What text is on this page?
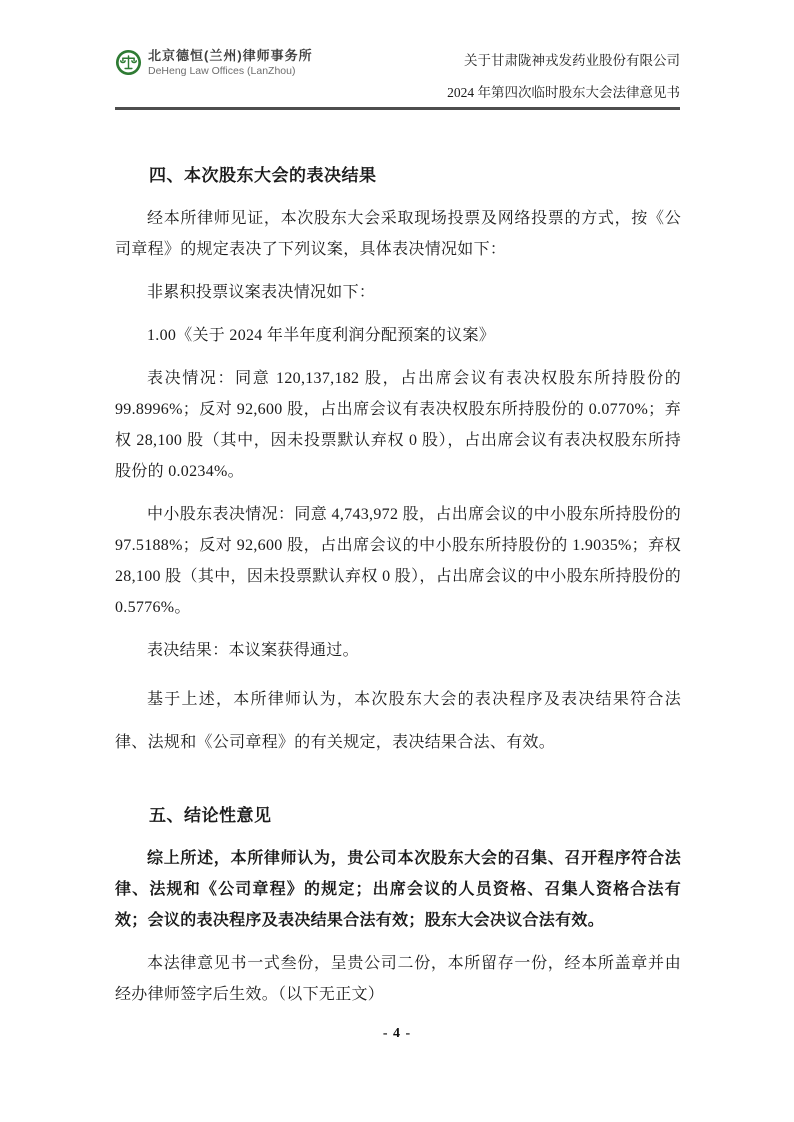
北京德恒(兰州)律师事务所
DeHeng Law Offices (LanZhou)
关于甘肃陇神戎发药业股份有限公司
2024 年第四次临时股东大会法律意见书
四、本次股东大会的表决结果

经本所律师见证，本次股东大会采取现场投票及网络投票的方式，按《公司章程》的规定表决了下列议案，具体表决情况如下：

非累积投票议案表决情况如下：

1.00《关于 2024 年半年度利润分配预案的议案》

表决情况：同意 120,137,182 股，占出席会议有表决权股东所持股份的 99.8996%；反对 92,600 股，占出席会议有表决权股东所持股份的 0.0770%；弃权 28,100 股（其中，因未投票默认弃权 0 股），占出席会议有表决权股东所持股份的 0.0234%。

中小股东表决情况：同意 4,743,972 股，占出席会议的中小股东所持股份的 97.5188%；反对 92,600 股，占出席会议的中小股东所持股份的 1.9035%；弃权 28,100 股（其中，因未投票默认弃权 0 股），占出席会议的中小股东所持股份的 0.5776%。

表决结果：本议案获得通过。

基于上述，本所律师认为，本次股东大会的表决程序及表决结果符合法律、法规和《公司章程》的有关规定，表决结果合法、有效。

五、结论性意见

综上所述，本所律师认为，贵公司本次股东大会的召集、召开程序符合法律、法规和《公司章程》的规定；出席会议的人员资格、召集人资格合法有效；会议的表决程序及表决结果合法有效；股东大会决议合法有效。

本法律意见书一式叁份，呈贵公司二份，本所留存一份，经本所盖章并由经办律师签字后生效。（以下无正文）

- 4 -
